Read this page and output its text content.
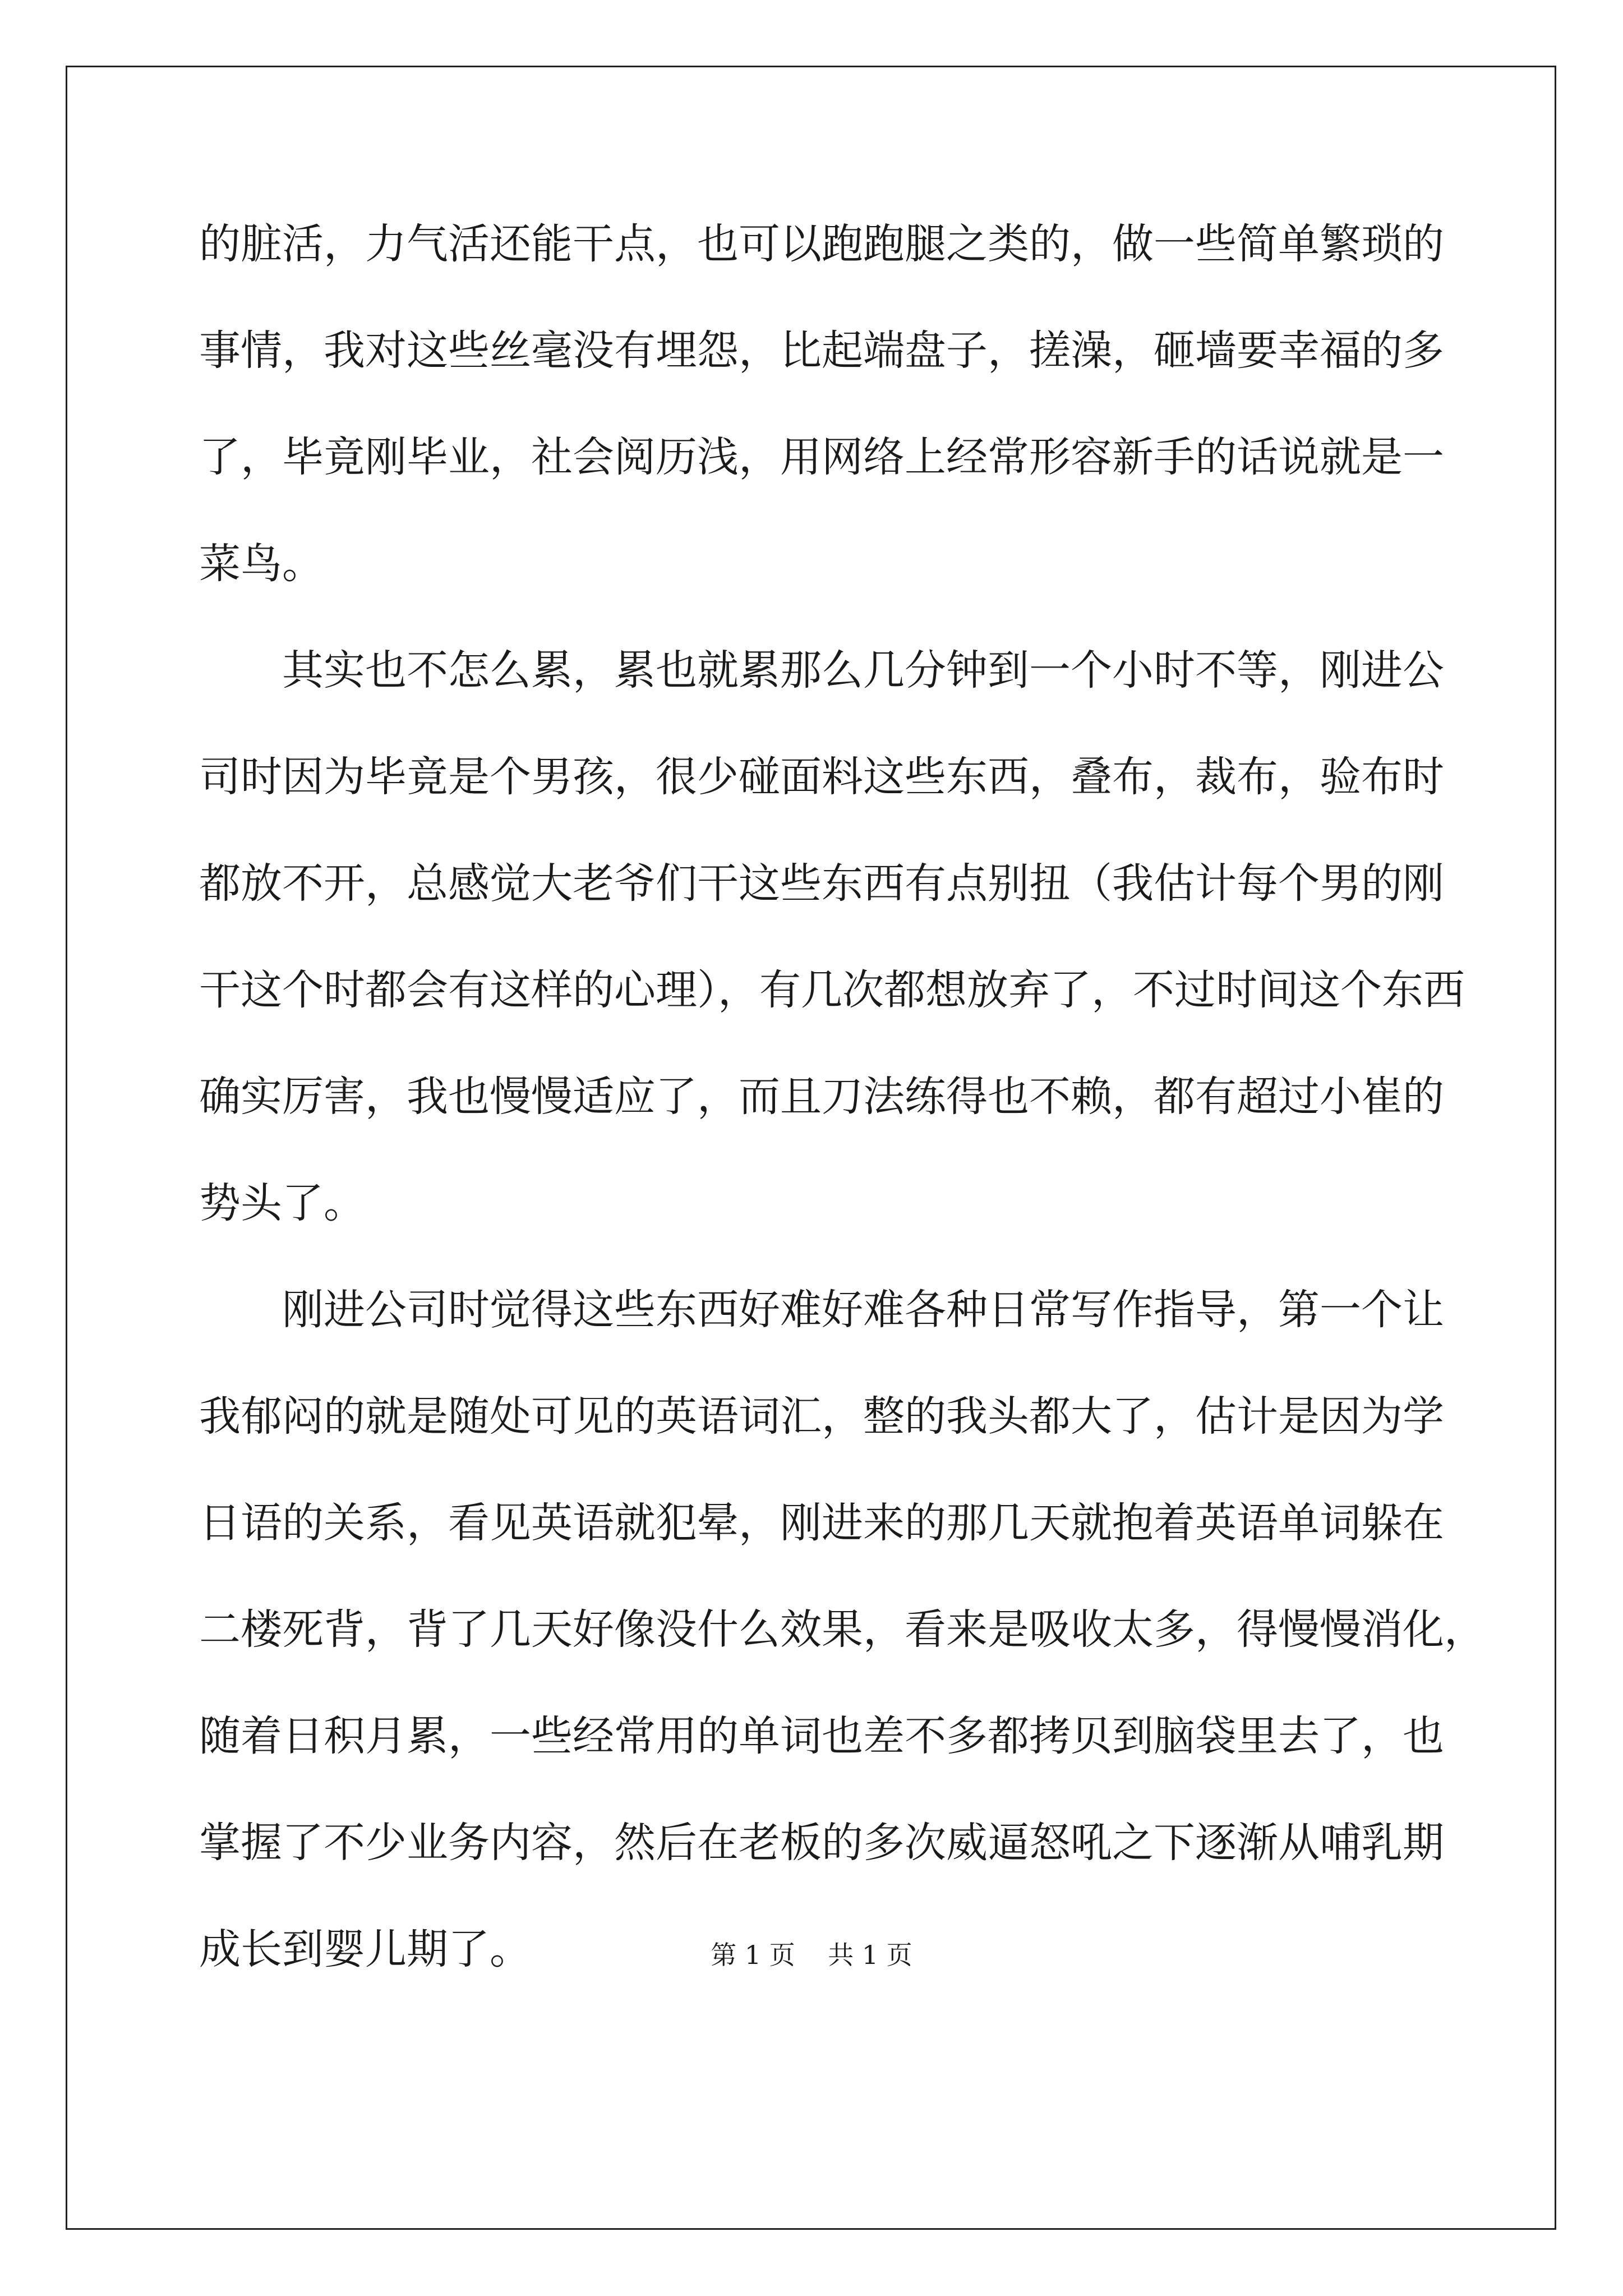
的脏活，力气活还能干点，也可以跑跑腿之类的，做一些简单繁琐的
事情，我对这些丝毫没有埋怨，比起端盘子，搓澡，砸墙要幸福的多
了，毕竟刚毕业，社会阅历浅，用网络上经常形容新手的话说就是一
菜鸟。
其实也不怎么累，累也就累那么几分钟到一个小时不等，刚进公
司时因为毕竟是个男孩，很少碰面料这些东西，叠布，裁布，验布时
都放不开，总感觉大老爷们干这些东西有点别扭（我估计每个男的刚
干这个时都会有这样的心理），有几次都想放弃了，不过时间这个东西
确实厉害，我也慢慢适应了，而且刀法练得也不赖，都有超过小崔的
势头了。
刚进公司时觉得这些东西好难好难各种日常写作指导，第一个让
我郁闷的就是随处可见的英语词汇，整的我头都大了，估计是因为学
日语的关系，看见英语就犯晕，刚进来的那几天就抱着英语单词躲在
二楼死背，背了几天好像没什么效果，看来是吸收太多，得慢慢消化，
随着日积月累，一些经常用的单词也差不多都拷贝到脑袋里去了，也
掌握了不少业务内容，然后在老板的多次威逼怒吼之下逐渐从哺乳期
成长到婴儿期了。	第 1 页    共 1 页
